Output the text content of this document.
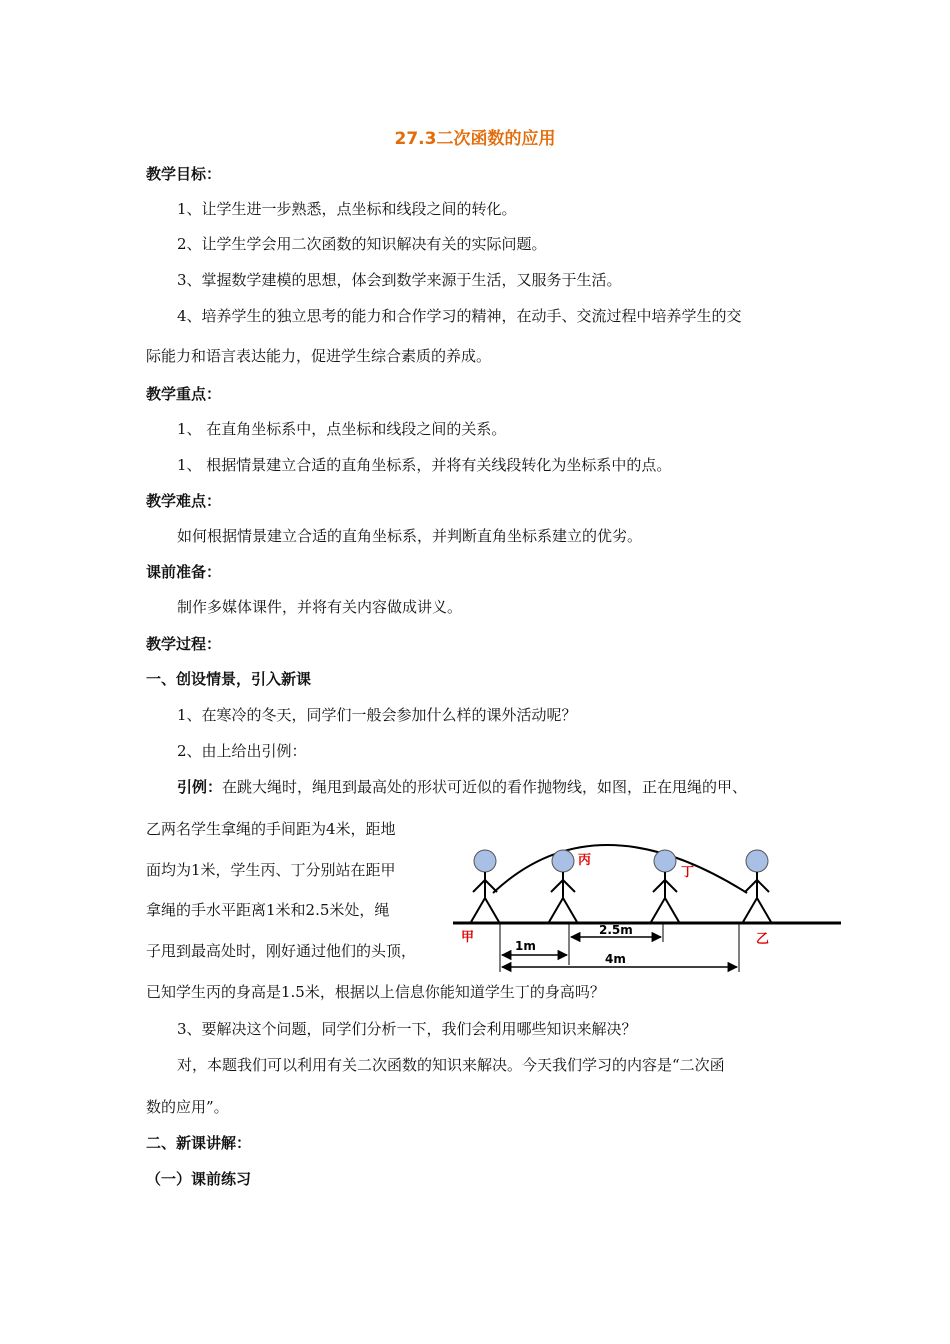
27.3二次函数的应用
教学目标：
1、让学生进一步熟悉，点坐标和线段之间的转化。
2、让学生学会用二次函数的知识解决有关的实际问题。
3、掌握数学建模的思想，体会到数学来源于生活，又服务于生活。
4、培养学生的独立思考的能力和合作学习的精神，在动手、交流过程中培养学生的交
际能力和语言表达能力，促进学生综合素质的养成。
教学重点：
1、 在直角坐标系中，点坐标和线段之间的关系。
1、 根据情景建立合适的直角坐标系，并将有关线段转化为坐标系中的点。
教学难点：
如何根据情景建立合适的直角坐标系，并判断直角坐标系建立的优劣。
课前准备：
制作多媒体课件，并将有关内容做成讲义。
教学过程：
一、创设情景，引入新课
1、在寒冷的冬天，同学们一般会参加什么样的课外活动呢？
2、由上给出引例：
引例：在跳大绳时，绳甩到最高处的形状可近似的看作抛物线，如图，正在甩绳的甲、
乙两名学生拿绳的手间距为4米，距地
面均为1米，学生丙、丁分别站在距甲
拿绳的手水平距离1米和2.5米处，绳
子甩到最高处时，刚好通过他们的头顶，
已知学生丙的身高是1.5米，根据以上信息你能知道学生丁的身高吗？
3、要解决这个问题，同学们分析一下，我们会利用哪些知识来解决？
对，本题我们可以利用有关二次函数的知识来解决。今天我们学习的内容是“二次函
数的应用”。
二、新课讲解：
（一）课前练习
甲
丙
丁
乙
2.5m
1m
4m
